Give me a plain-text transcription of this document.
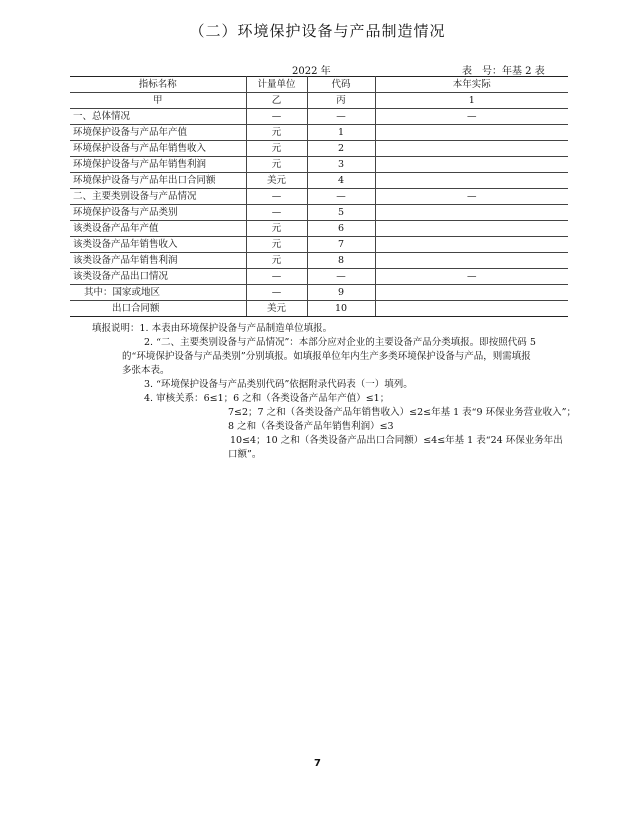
（二）环境保护设备与产品制造情况
2022 年	表　号：年基 2 表
指标名称	计量单位	代码	本年实际
甲	乙	丙	1
一、总体情况	—	—	—
环境保护设备与产品年产值	元	1	
环境保护设备与产品年销售收入	元	2	
环境保护设备与产品年销售利润	元	3	
环境保护设备与产品年出口合同额	美元	4	
二、主要类别设备与产品情况	—	—	—
环境保护设备与产品类别	—	5	
该类设备产品年产值	元	6	
该类设备产品年销售收入	元	7	
该类设备产品年销售利润	元	8	
该类设备产品出口情况	—	—	—
其中：国家或地区	—	9	
出口合同额	美元	10	
填报说明：1. 本表由环境保护设备与产品制造单位填报。
2. “二、主要类别设备与产品情况”：本部分应对企业的主要设备产品分类填报。即按照代码 5
的“环境保护设备与产品类别”分别填报。如填报单位年内生产多类环境保护设备与产品，则需填报
多张本表。
3. “环境保护设备与产品类别代码”依据附录代码表（一）填列。
4. 审核关系：6≤1；6 之和（各类设备产品年产值）≤1；
7≤2；7 之和（各类设备产品年销售收入）≤2≤年基 1 表“9 环保业务营业收入”；
8 之和（各类设备产品年销售利润）≤3
10≤4；10 之和（各类设备产品出口合同额）≤4≤年基 1 表“24 环保业务年出
口额”。
7
